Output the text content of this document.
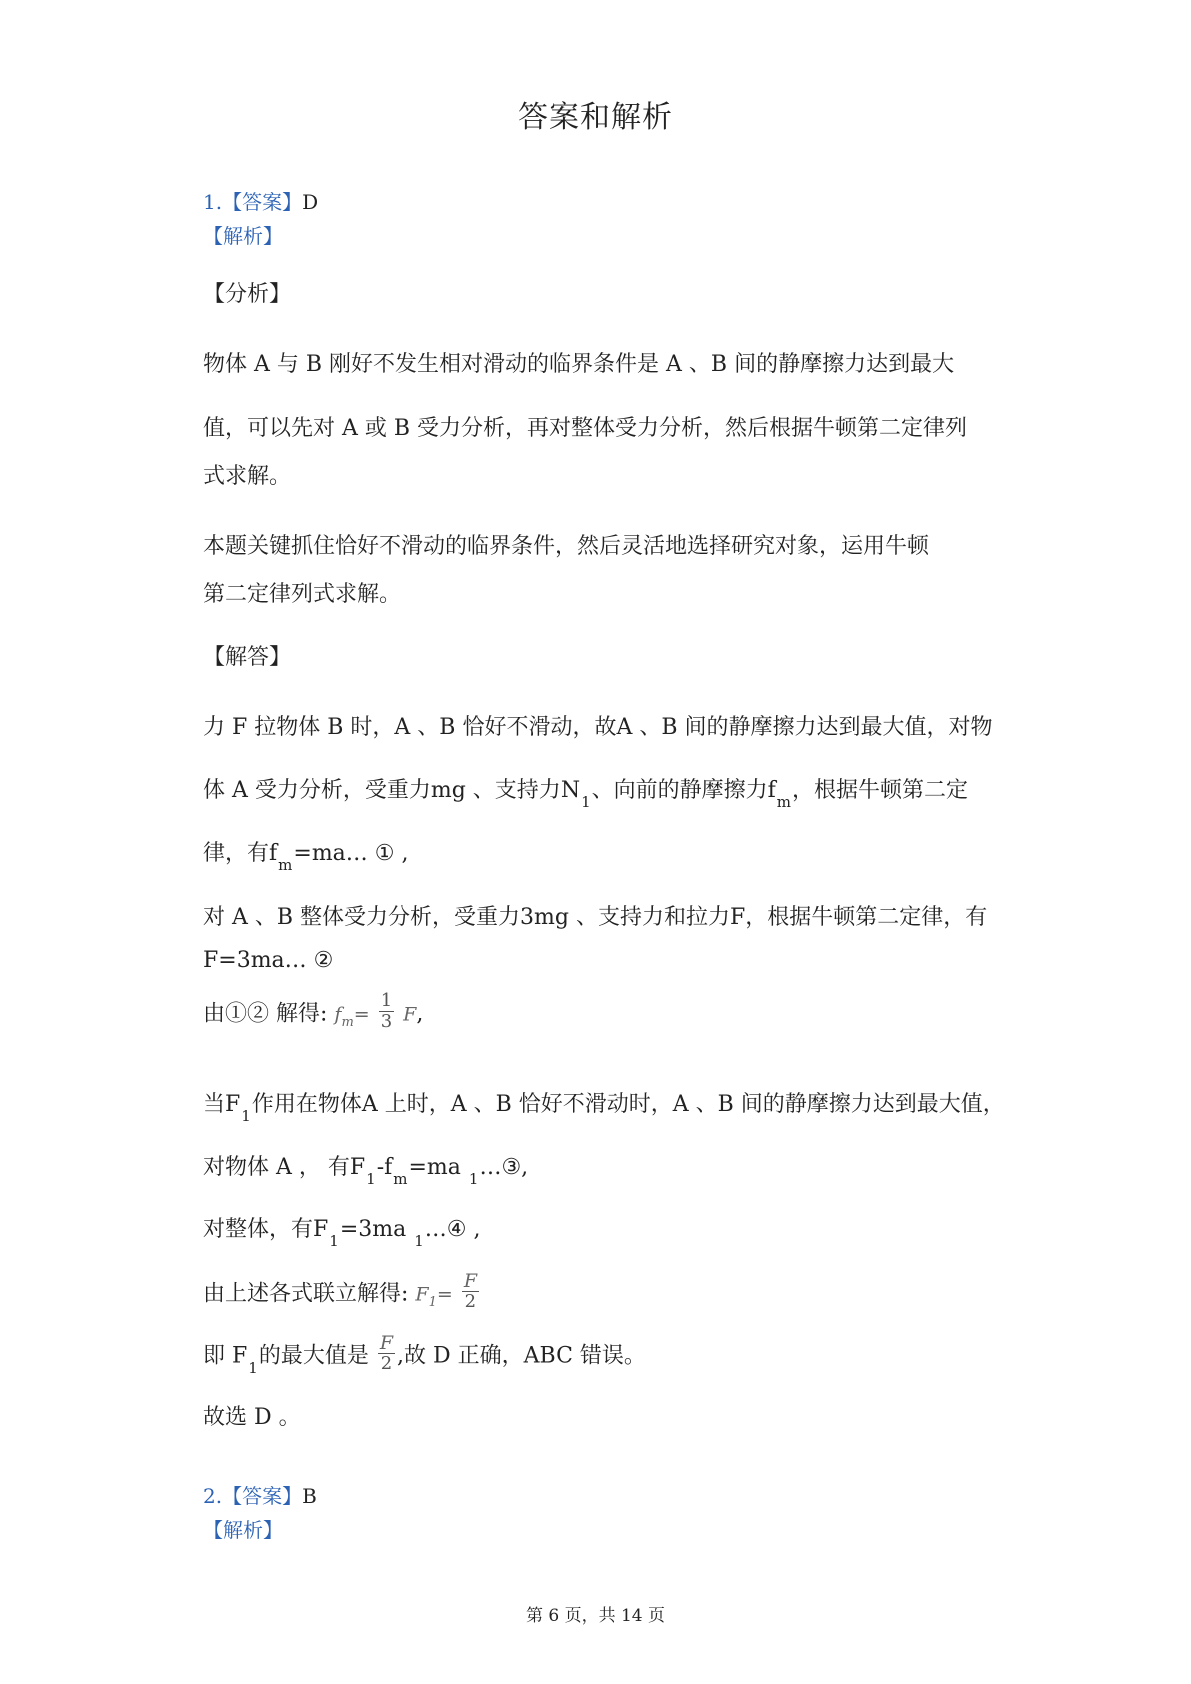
答案和解析
1.【答案】D
【解析】
【分析】
物体 A 与 B 刚好不发生相对滑动的临界条件是 A 、B 间的静摩擦力达到最大
值，可以先对 A 或 B 受力分析，再对整体受力分析，然后根据牛顿第二定律列
式求解。
本题关键抓住恰好不滑动的临界条件，然后灵活地选择研究对象，运用牛顿
第二定律列式求解。
【解答】
力 F 拉物体 B 时，A 、B 恰好不滑动，故A 、B 间的静摩擦力达到最大值，对物
体 A 受力分析，受重力mg 、支持力$N_1$、向前的静摩擦力$f_m$，根据牛顿第二定
律，有$f_m=ma\dots$ ① ,
对 A 、B 整体受力分析，受重力3mg 、支持力和拉力F，根据牛顿第二定律，有
F=3ma… ②
由①② 解得: $f_m= \frac{1}{3} F$,
当$F_1$作用在物体A 上时，A 、B 恰好不滑动时，A 、B 间的静摩擦力达到最大值，
对物体 A ， 有$F_1-f_m=ma$ $_1$…③,
对整体，有$F_1=3ma$ $_1$…④ ,
由上述各式联立解得: $F_1= \frac{F}{2}$
即 $F_1$的最大值是 $\frac{F}{2}$ ,故 D 正确，ABC 错误。
故选 D 。
2.【答案】B
【解析】
第 6 页，共 14 页
